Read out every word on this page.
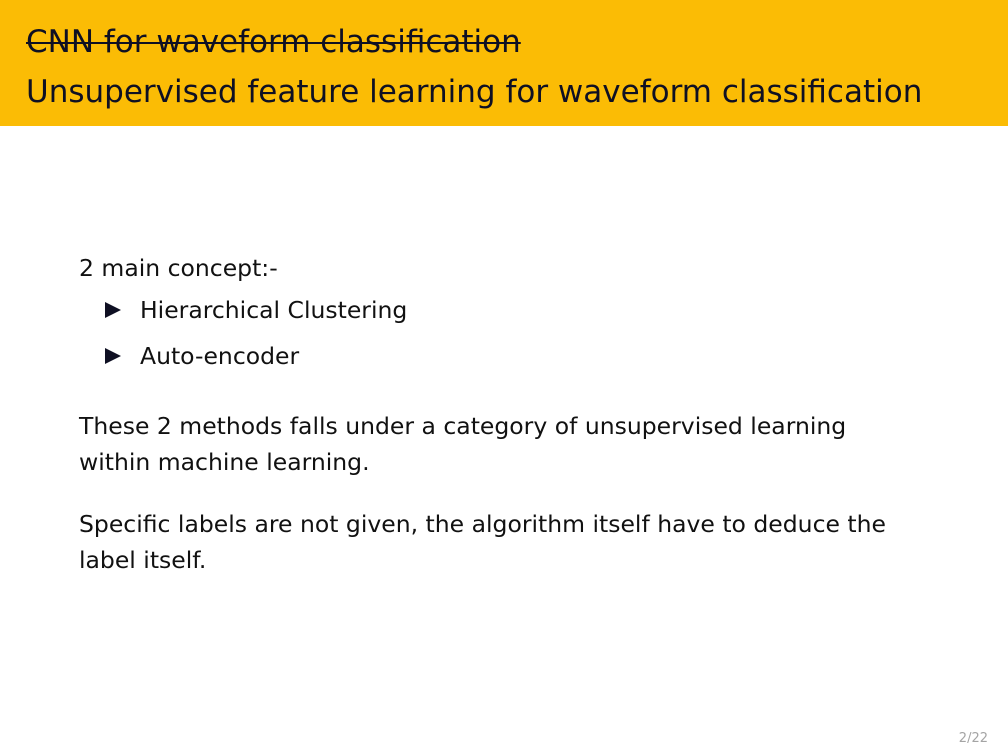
CNN for waveform classification
Unsupervised feature learning for waveform classification

2 main concept:-

Hierarchical Clustering
Auto-encoder

These 2 methods falls under a category of unsupervised learning within machine learning.

Specific labels are not given, the algorithm itself have to deduce the label itself.

2/22
